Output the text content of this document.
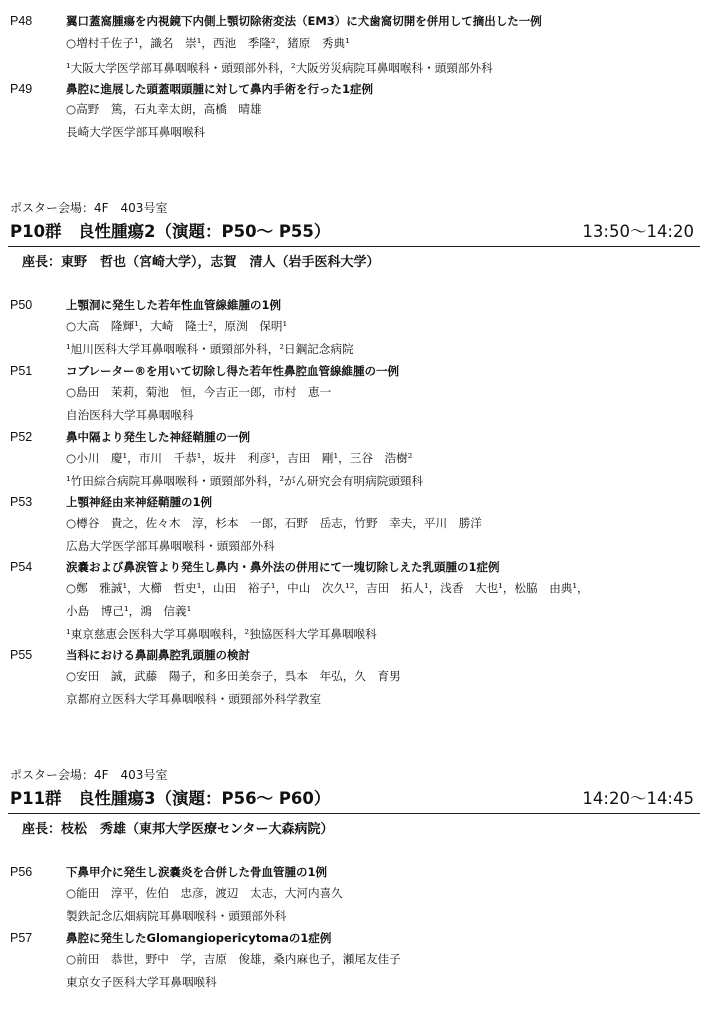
P48	翼口蓋窩腫瘍を内視鏡下内側上顎切除術変法（EM3）に犬歯窩切開を併用して摘出した一例
○増村千佐子¹，識名　崇¹，西池　季隆²，猪原　秀典¹
¹大阪大学医学部耳鼻咽喉科・頭頸部外科，²大阪労災病院耳鼻咽喉科・頭頸部外科
P49	鼻腔に進展した頭蓋咽頭腫に対して鼻内手術を行った1症例
○高野　篤，石丸幸太朗，高橋　晴雄
長崎大学医学部耳鼻咽喉科
ポスター会場：4F　403号室
P10群　良性腫瘍2（演題：P50〜 P55）	13:50〜14:20
座長：東野　哲也（宮崎大学），志賀　清人（岩手医科大学）
P50	上顎洞に発生した若年性血管線維腫の1例
○大高　隆輝¹，大崎　隆士²，原渕　保明¹
¹旭川医科大学耳鼻咽喉科・頭頸部外科，²日鋼記念病院
P51	コブレーター®を用いて切除し得た若年性鼻腔血管線維腫の一例
○島田　茉莉，菊池　恒，今吉正一郎，市村　恵一
自治医科大学耳鼻咽喉科
P52	鼻中隔より発生した神経鞘腫の一例
○小川　慶¹，市川　千恭¹，坂井　利彦¹，吉田　剛¹，三谷　浩樹²
¹竹田綜合病院耳鼻咽喉科・頭頸部外科，²がん研究会有明病院頭頸科
P53	上顎神経由来神経鞘腫の1例
○樽谷　貴之，佐々木　淳，杉本　一郎，石野　岳志，竹野　幸夫，平川　勝洋
広島大学医学部耳鼻咽喉科・頭頸部外科
P54	涙嚢および鼻涙管より発生し鼻内・鼻外法の併用にて一塊切除しえた乳頭腫の1症例
○鄭　雅誠¹，大櫛　哲史¹，山田　裕子¹，中山　次久¹²，吉田　拓人¹，浅香　大也¹，松脇　由典¹，
小島　博己¹，鴻　信義¹
¹東京慈恵会医科大学耳鼻咽喉科，²独協医科大学耳鼻咽喉科
P55	当科における鼻副鼻腔乳頭腫の検討
○安田　誠，武藤　陽子，和多田美奈子，呉本　年弘，久　育男
京都府立医科大学耳鼻咽喉科・頭頸部外科学教室
ポスター会場：4F　403号室
P11群　良性腫瘍3（演題：P56〜 P60）	14:20〜14:45
座長：枝松　秀雄（東邦大学医療センター大森病院）
P56	下鼻甲介に発生し涙嚢炎を合併した骨血管腫の1例
○能田　淳平，佐伯　忠彦，渡辺　太志，大河内喜久
製鉄記念広畑病院耳鼻咽喉科・頭頸部外科
P57	鼻腔に発生したGlomangiopericytomaの1症例
○前田　恭世，野中　学，吉原　俊雄，桑内麻也子，瀬尾友佳子
東京女子医科大学耳鼻咽喉科
